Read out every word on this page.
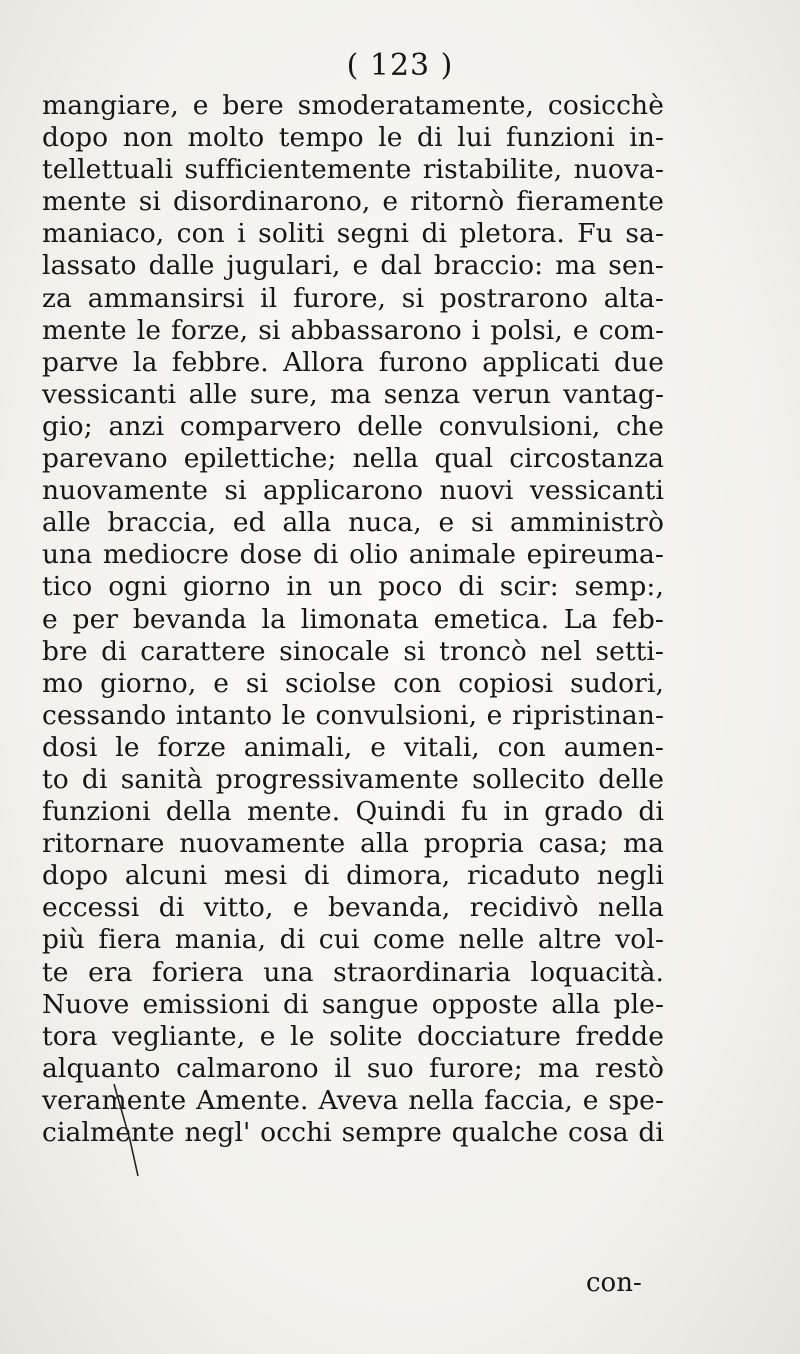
( 123 )
mangiare, e bere smoderatamente, cosicchè
dopo non molto tempo le di lui funzioni in-
tellettuali sufficientemente ristabilite, nuova-
mente si disordinarono, e ritornò fieramente
maniaco, con i soliti segni di pletora. Fu sa-
lassato dalle jugulari, e dal braccio: ma sen-
za ammansirsi il furore, si postrarono alta-
mente le forze, si abbassarono i polsi, e com-
parve la febbre. Allora furono applicati due
vessicanti alle sure, ma senza verun vantag-
gio; anzi comparvero delle convulsioni, che
parevano epilettiche; nella qual circostanza
nuovamente si applicarono nuovi vessicanti
alle braccia, ed alla nuca, e si amministrò
una mediocre dose di olio animale epireuma-
tico ogni giorno in un poco di scir: semp:,
e per bevanda la limonata emetica. La feb-
bre di carattere sinocale si troncò nel setti-
mo giorno, e si sciolse con copiosi sudori,
cessando intanto le convulsioni, e ripristinan-
dosi le forze animali, e vitali, con aumen-
to di sanità progressivamente sollecito delle
funzioni della mente. Quindi fu in grado di
ritornare nuovamente alla propria casa; ma
dopo alcuni mesi di dimora, ricaduto negli
eccessi di vitto, e bevanda, recidivò nella
più fiera mania, di cui come nelle altre vol-
te era foriera una straordinaria loquacità.
Nuove emissioni di sangue opposte alla ple-
tora vegliante, e le solite docciature fredde
alquanto calmarono il suo furore; ma restò
veramente Amente. Aveva nella faccia, e spe-
cialmente negl' occhi sempre qualche cosa di
con-
